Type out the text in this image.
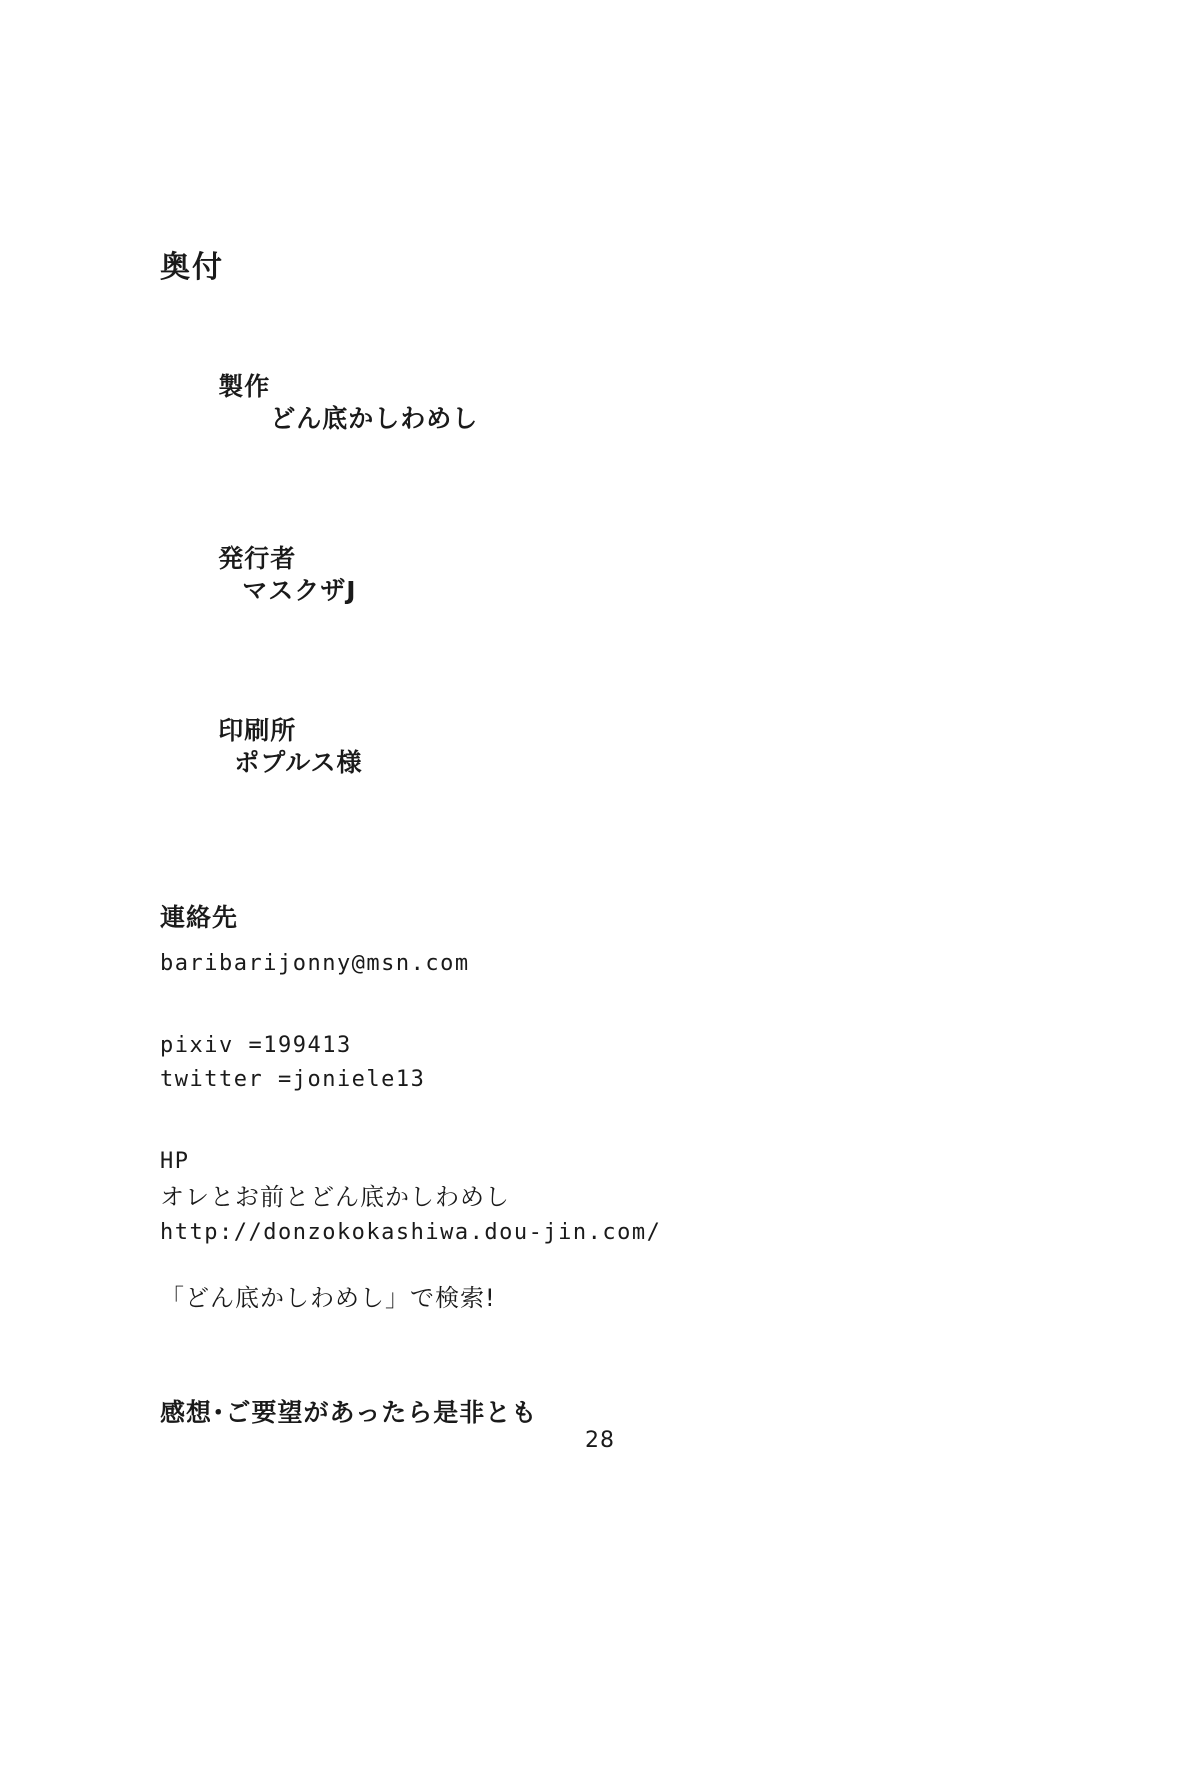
奥付

製作
どん底かしわめし

発行者
マスクザJ

印刷所
ポプルス様

連絡先

baribarijonny@msn.com

pixiv =199413

twitter =joniele13

HP

オレとお前とどん底かしわめし

http://donzokokashiwa.dou-jin.com/

「どん底かしわめし」で検索!

感想･ご要望があったら是非とも

28
